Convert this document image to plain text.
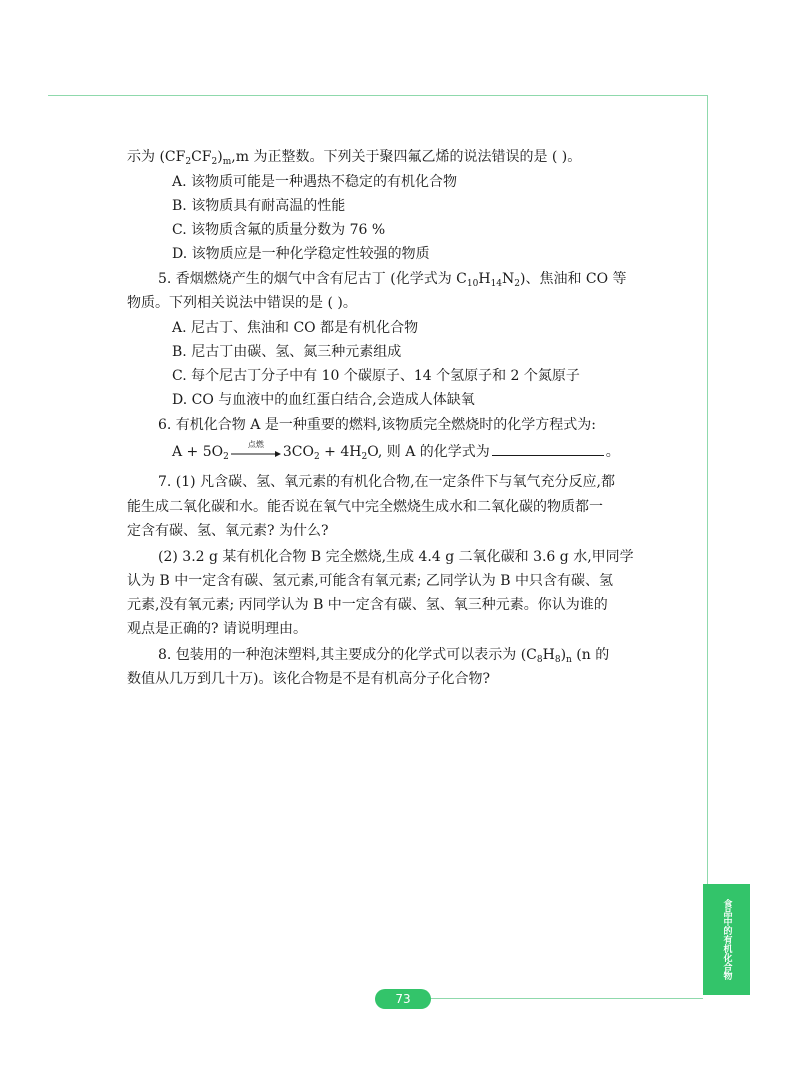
示为 $(CF_2CF_2)_m,m$ 为正整数。下列关于聚四氟乙烯的说法错误的是 ( )。
A. 该物质可能是一种遇热不稳定的有机化合物
B. 该物质具有耐高温的性能
C. 该物质含氟的质量分数为 76 %
D. 该物质应是一种化学稳定性较强的物质
5. 香烟燃烧产生的烟气中含有尼古丁 (化学式为 $C_{10}H_{14}N_2$)、焦油和 CO 等
物质。下列相关说法中错误的是 ( )。
A. 尼古丁、焦油和 CO 都是有机化合物
B. 尼古丁由碳、氢、氮三种元素组成
C. 每个尼古丁分子中有 10 个碳原子、14 个氢原子和 2 个氮原子
D. CO 与血液中的血红蛋白结合,会造成人体缺氧
6. 有机化合物 A 是一种重要的燃料,该物质完全燃烧时的化学方程式为:
$A + 5O_2$
点燃	$3CO_2 + 4H_2O$, 则 A 的化学式为	。
7. (1) 凡含碳、氢、氧元素的有机化合物,在一定条件下与氧气充分反应,都
能生成二氧化碳和水。能否说在氧气中完全燃烧生成水和二氧化碳的物质都一
定含有碳、氢、氧元素? 为什么?
(2) 3.2 g 某有机化合物 B 完全燃烧,生成 4.4 g 二氧化碳和 3.6 g 水,甲同学
认为 B 中一定含有碳、氢元素,可能含有氧元素; 乙同学认为 B 中只含有碳、氢
元素,没有氧元素; 丙同学认为 B 中一定含有碳、氢、氧三种元素。你认为谁的
观点是正确的? 请说明理由。
8. 包装用的一种泡沫塑料,其主要成分的化学式可以表示为 $(C_8H_8)_n$ (n 的
数值从几万到几十万)。该化合物是不是有机高分子化合物?
食品中的有机化合物
73
